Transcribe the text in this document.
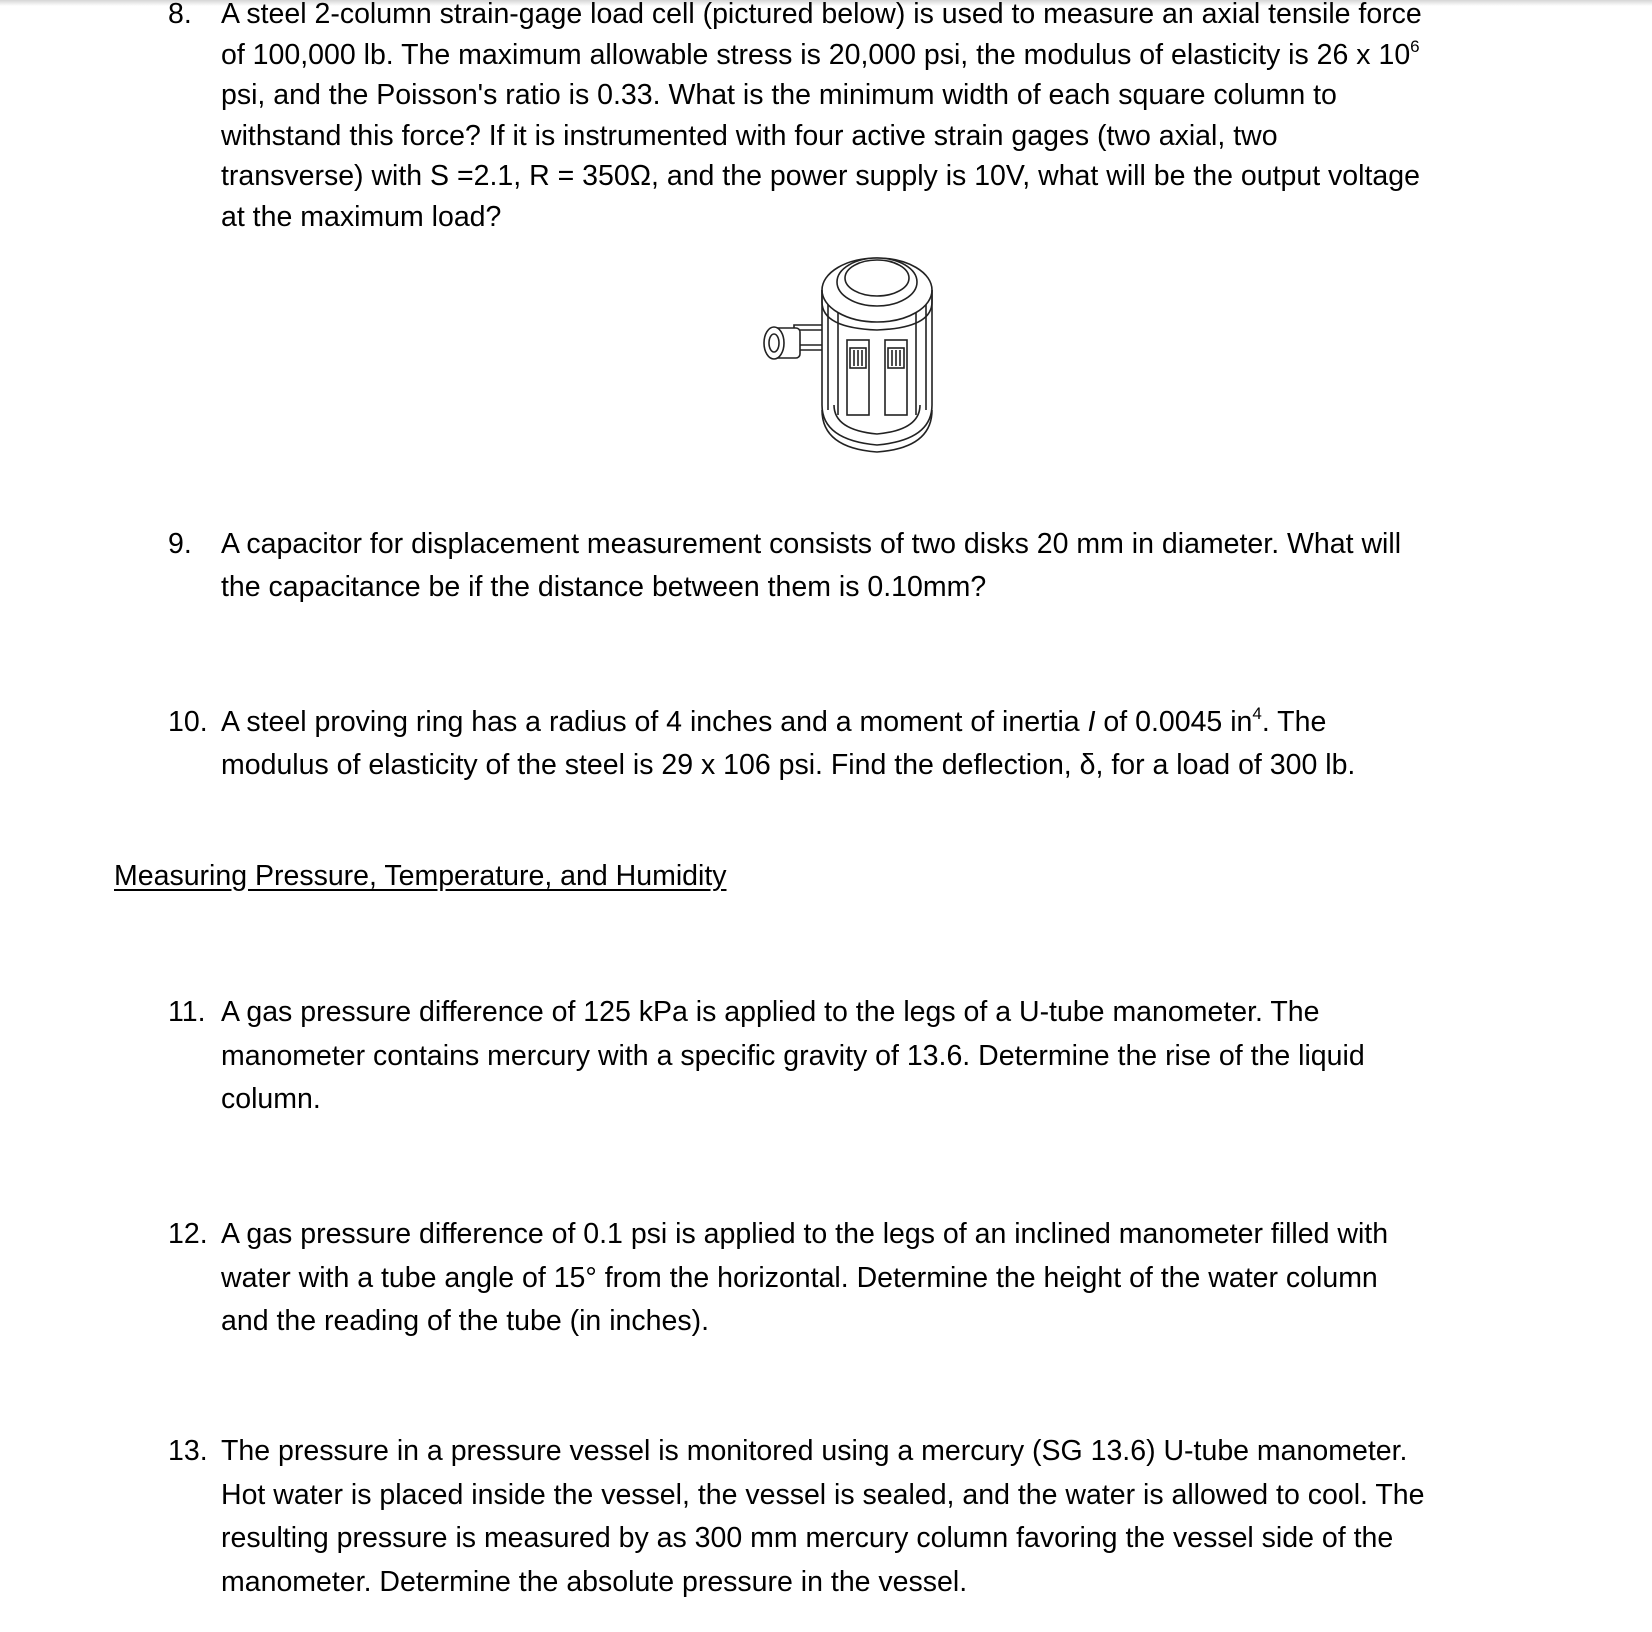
8. A steel 2-column strain-gage load cell (pictured below) is used to measure an axial tensile force
of 100,000 lb. The maximum allowable stress is 20,000 psi, the modulus of elasticity is 26 x $10^6$
psi, and the Poisson's ratio is 0.33. What is the minimum width of each square column to
withstand this force? If it is instrumented with four active strain gages (two axial, two
transverse) with S =2.1, R = 350Ω, and the power supply is 10V, what will be the output voltage
at the maximum load?
9. A capacitor for displacement measurement consists of two disks 20 mm in diameter. What will
the capacitance be if the distance between them is 0.10mm?
10. A steel proving ring has a radius of 4 inches and a moment of inertia I of 0.0045 $in^4$. The
modulus of elasticity of the steel is 29 x 106 psi. Find the deflection, δ, for a load of 300 lb.
Measuring Pressure, Temperature, and Humidity
11. A gas pressure difference of 125 kPa is applied to the legs of a U-tube manometer. The
manometer contains mercury with a specific gravity of 13.6. Determine the rise of the liquid
column.
12. A gas pressure difference of 0.1 psi is applied to the legs of an inclined manometer filled with
water with a tube angle of 15° from the horizontal. Determine the height of the water column
and the reading of the tube (in inches).
13. The pressure in a pressure vessel is monitored using a mercury (SG 13.6) U-tube manometer.
Hot water is placed inside the vessel, the vessel is sealed, and the water is allowed to cool. The
resulting pressure is measured by as 300 mm mercury column favoring the vessel side of the
manometer. Determine the absolute pressure in the vessel.
